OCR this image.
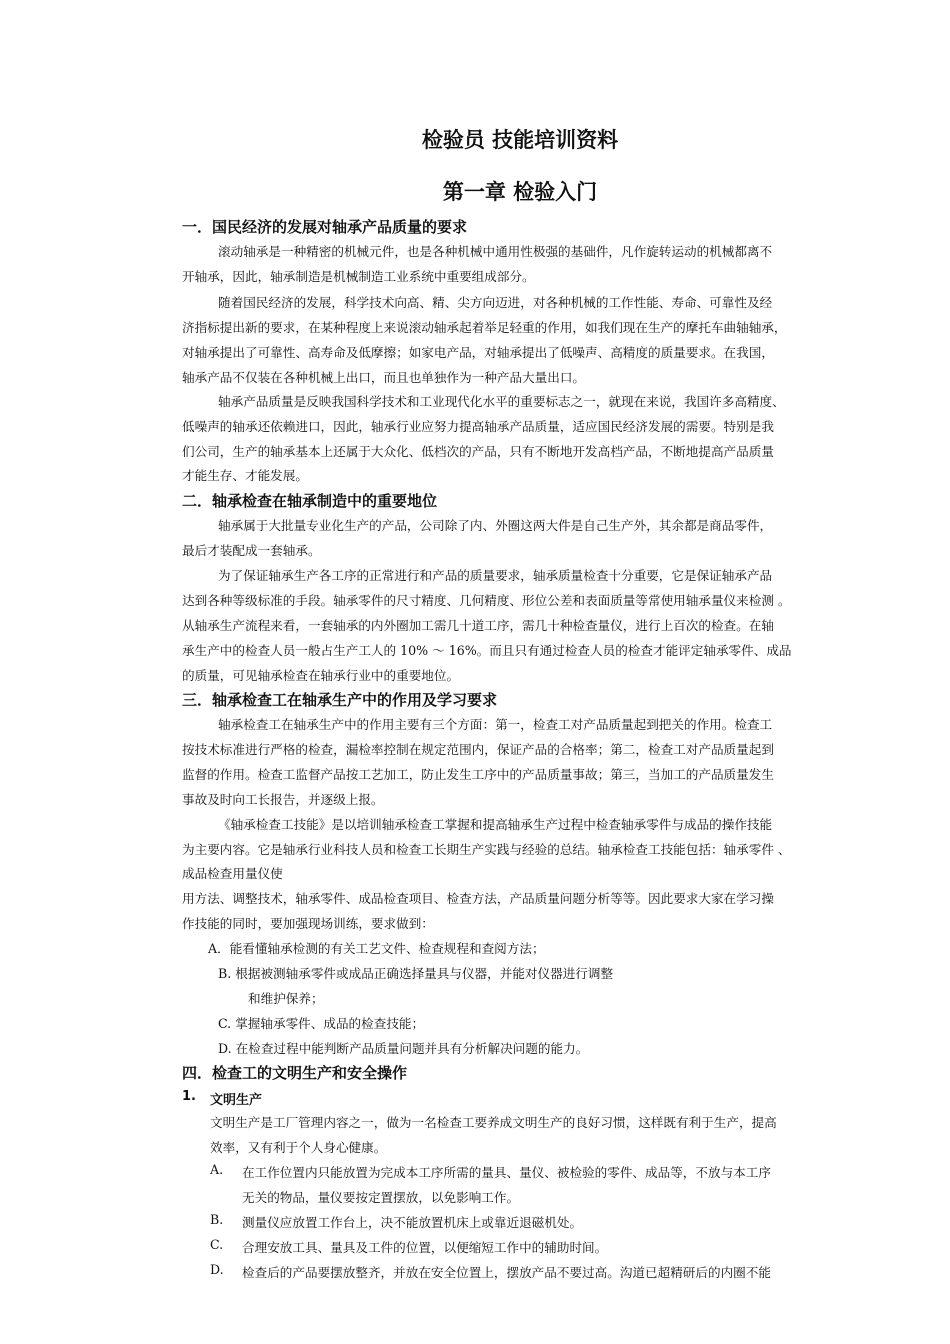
检验员 技能培训资料
第一章 检验入门
一．国民经济的发展对轴承产品质量的要求
滚动轴承是一种精密的机械元件，也是各种机械中通用性极强的基础件，凡作旋转运动的机械都离不
开轴承，因此，轴承制造是机械制造工业系统中重要组成部分。
随着国民经济的发展，科学技术向高、精、尖方向迈进，对各种机械的工作性能、寿命、可靠性及经
济指标提出新的要求，在某种程度上来说滚动轴承起着举足轻重的作用，如我们现在生产的摩托车曲轴轴承，
对轴承提出了可靠性、高寿命及低摩擦；如家电产品，对轴承提出了低噪声、高精度的质量要求。在我国，
轴承产品不仅装在各种机械上出口，而且也单独作为一种产品大量出口。
轴承产品质量是反映我国科学技术和工业现代化水平的重要标志之一，就现在来说，我国许多高精度、
低噪声的轴承还依赖进口，因此，轴承行业应努力提高轴承产品质量，适应国民经济发展的需要。特别是我
们公司，生产的轴承基本上还属于大众化、低档次的产品，只有不断地开发高档产品，不断地提高产品质量
才能生存、才能发展。
二．轴承检查在轴承制造中的重要地位
轴承属于大批量专业化生产的产品，公司除了内、外圈这两大件是自己生产外，其余都是商品零件，
最后才装配成一套轴承。
为了保证轴承生产各工序的正常进行和产品的质量要求，轴承质量检查十分重要，它是保证轴承产品
达到各种等级标准的手段。轴承零件的尺寸精度、几何精度、形位公差和表面质量等常使用轴承量仪来检测 。
从轴承生产流程来看，一套轴承的内外圈加工需几十道工序，需几十种检查量仪，进行上百次的检查。在轴
承生产中的检查人员一般占生产工人的 10% ～ 16%。而且只有通过检查人员的检查才能评定轴承零件、成品
的质量，可见轴承检查在轴承行业中的重要地位。
三．轴承检查工在轴承生产中的作用及学习要求
轴承检查工在轴承生产中的作用主要有三个方面：第一，检查工对产品质量起到把关的作用。检查工
按技术标准进行严格的检查，漏检率控制在规定范围内，保证产品的合格率；第二，检查工对产品质量起到
监督的作用。检查工监督产品按工艺加工，防止发生工序中的产品质量事故；第三，当加工的产品质量发生
事故及时向工长报告，并逐级上报。
《轴承检查工技能》是以培训轴承检查工掌握和提高轴承生产过程中检查轴承零件与成品的操作技能
为主要内容。它是轴承行业科技人员和检查工长期生产实践与经验的总结。轴承检查工技能包括：轴承零件 、
成品检查用量仪使
用方法、调整技术，轴承零件、成品检查项目、检查方法，产品质量问题分析等等。因此要求大家在学习操
作技能的同时，要加强现场训练，要求做到：
A．能看懂轴承检测的有关工艺文件、检查规程和查阅方法；
B. 根据被测轴承零件或成品正确选择量具与仪器，并能对仪器进行调整
和维护保养；
C. 掌握轴承零件、成品的检查技能；
D. 在检查过程中能判断产品质量问题并具有分析解决问题的能力。
四．检查工的文明生产和安全操作
1. 文明生产
文明生产是工厂管理内容之一，做为一名检查工要养成文明生产的良好习惯，这样既有利于生产，提高
效率，又有利于个人身心健康。
A. 在工作位置内只能放置为完成本工序所需的量具、量仪、被检验的零件、成品等，不放与本工序
无关的物品，量仪要按定置摆放，以免影响工作。
B. 测量仪应放置工作台上，决不能放置机床上或靠近退磁机处。
C. 合理安放工具、量具及工件的位置，以便缩短工作中的辅助时间。
D. 检查后的产品要摆放整齐，并放在安全位置上，摆放产品不要过高。沟道已超精研后的内圈不能
